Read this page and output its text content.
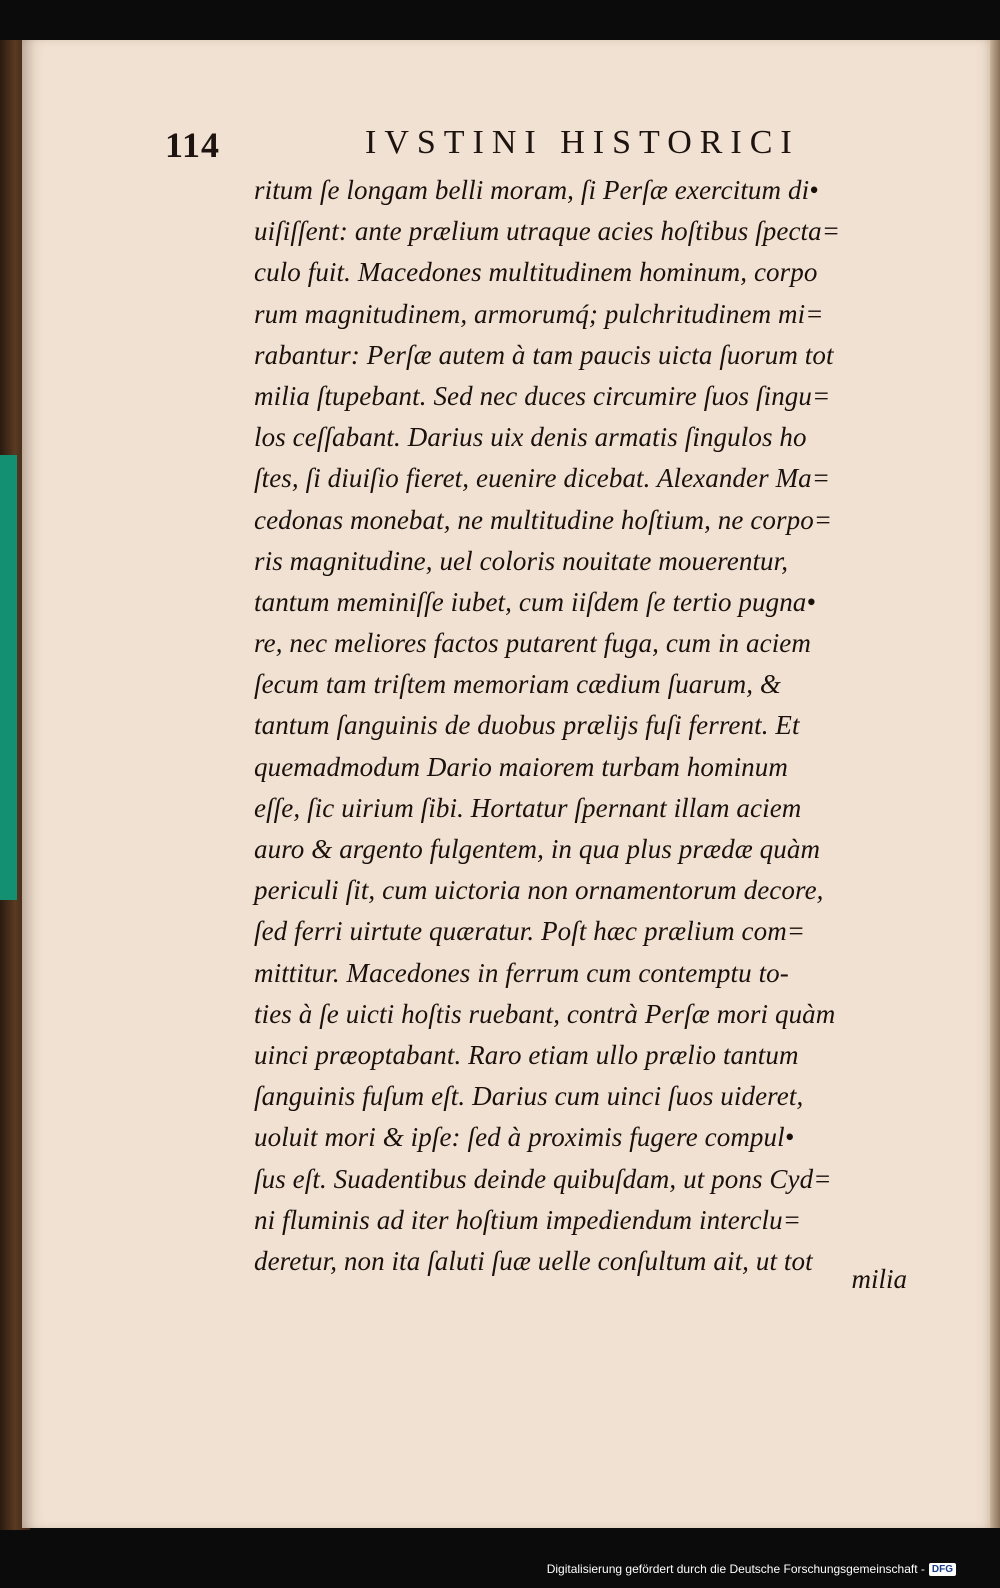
114	IVSTINI HISTORICI
ritum ſe longam belli moram, ſi Perſæ exercitum di•
uiſiſſent: ante prælium utraque acies hoſtibus ſpecta=
culo fuit. Macedones multitudinem hominum, corpo
rum magnitudinem, armorumq́; pulchritudinem mi=
rabantur: Perſæ autem à tam paucis uicta ſuorum tot
milia ſtupebant. Sed nec duces circumire ſuos ſingu=
los ceſſabant. Darius uix denis armatis ſingulos ho
ſtes, ſi diuiſio fieret, euenire dicebat. Alexander Ma=
cedonas monebat, ne multitudine hoſtium, ne corpo=
ris magnitudine, uel coloris nouitate mouerentur,
tantum meminiſſe iubet, cum iiſdem ſe tertio pugna•
re, nec meliores factos putarent fuga, cum in aciem
ſecum tam triſtem memoriam cædium ſuarum, &
tantum ſanguinis de duobus prælijs fuſi ferrent. Et
quemadmodum Dario maiorem turbam hominum
eſſe, ſic uirium ſibi. Hortatur ſpernant illam aciem
auro & argento fulgentem, in qua plus prædæ quàm
periculi ſit, cum uictoria non ornamentorum decore,
ſed ferri uirtute quæratur. Poſt hæc prælium com=
mittitur. Macedones in ferrum cum contemptu to-
ties à ſe uicti hoſtis ruebant, contrà Perſæ mori quàm
uinci præoptabant. Raro etiam ullo prælio tantum
ſanguinis fuſum eſt. Darius cum uinci ſuos uideret,
uoluit mori & ipſe: ſed à proximis fugere compul•
ſus eſt. Suadentibus deinde quibuſdam, ut pons Cyd=
ni fluminis ad iter hoſtium impediendum interclu=
deretur, non ita ſaluti ſuæ uelle conſultum ait, ut tot
milia
Digitalisierung gefördert durch die Deutsche Forschungsgemeinschaft - DFG
